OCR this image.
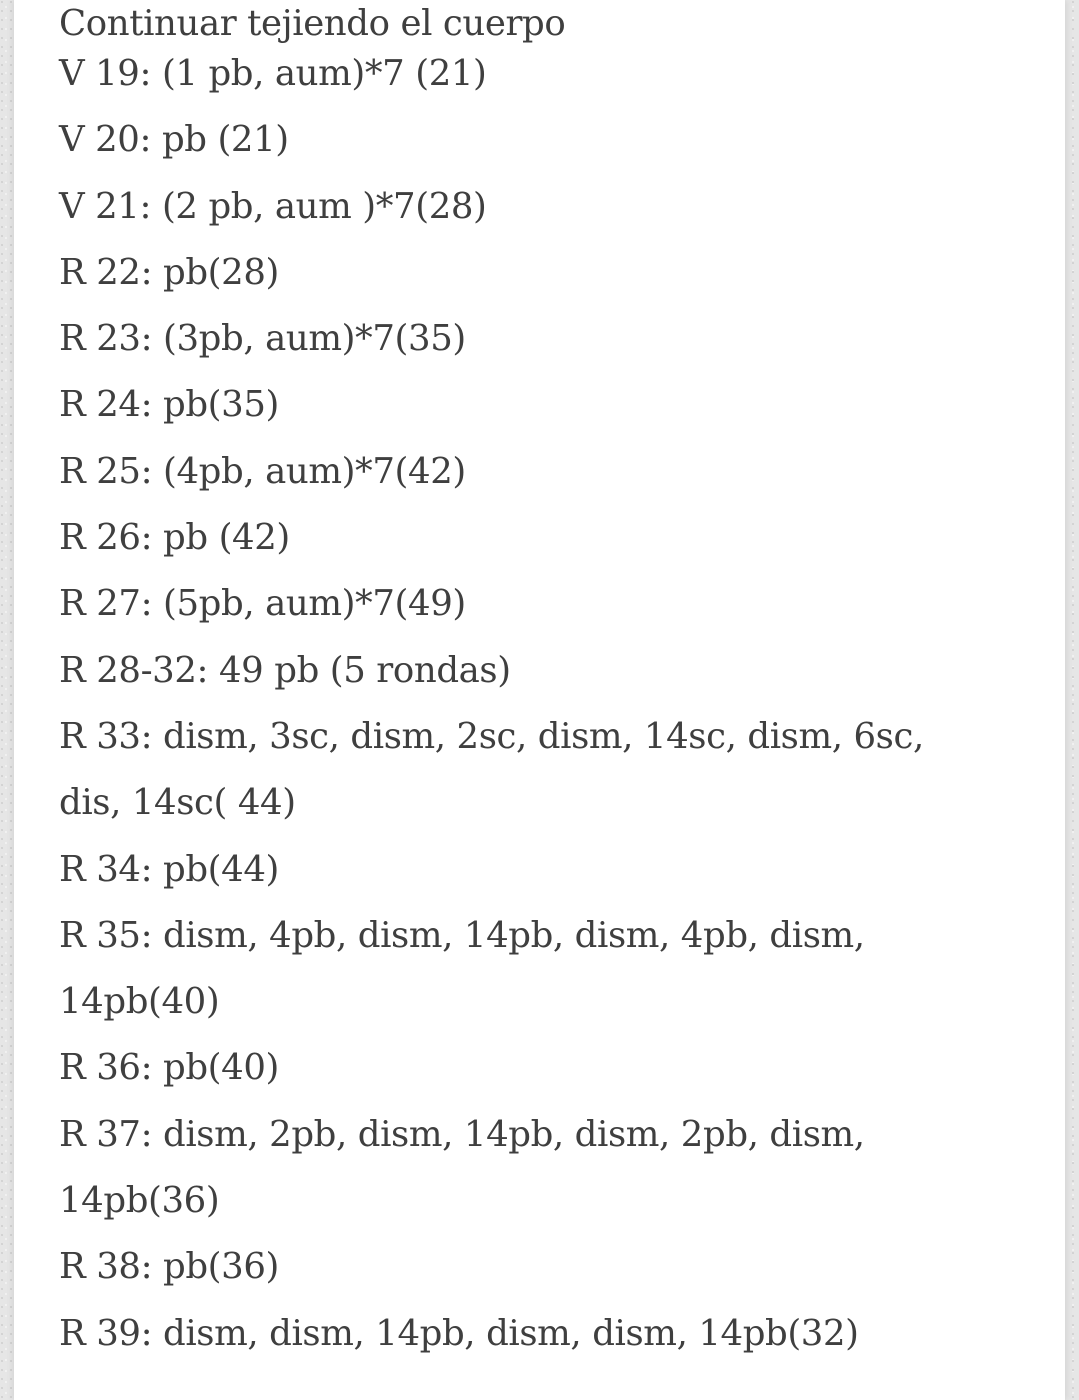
Continuar tejiendo el cuerpo

V 19: (1 pb, aum)*7 (21)

V 20: pb (21)

V 21: (2 pb, aum )*7(28)

R 22: pb(28)

R 23: (3pb, aum)*7(35)

R 24: pb(35)

R 25: (4pb, aum)*7(42)

R 26: pb (42)

R 27: (5pb, aum)*7(49)

R 28-32: 49 pb (5 rondas)

R 33: dism, 3sc, dism, 2sc, dism, 14sc, dism, 6sc,

dis, 14sc( 44)

R 34: pb(44)

R 35: dism, 4pb, dism, 14pb, dism, 4pb, dism,

14pb(40)

R 36: pb(40)

R 37: dism, 2pb, dism, 14pb, dism, 2pb, dism,

14pb(36)

R 38: pb(36)

R 39: dism, dism, 14pb, dism, dism, 14pb(32)
